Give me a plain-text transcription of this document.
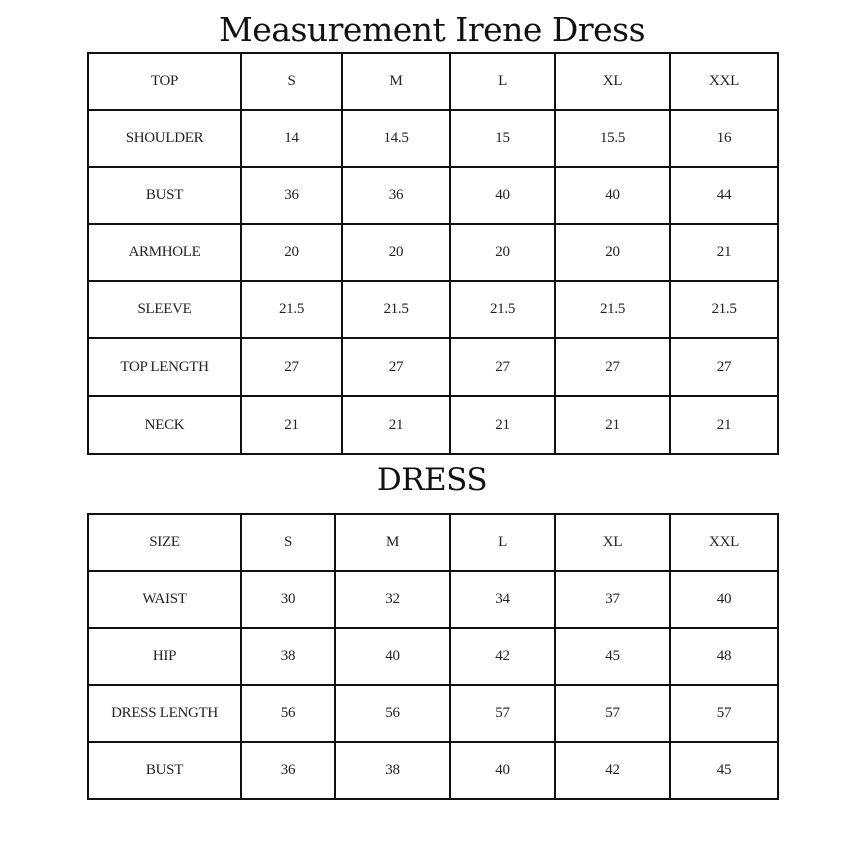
Measurement Irene Dress
TOP	S	M	L	XL	XXL
SHOULDER	14	14.5	15	15.5	16
BUST	36	36	40	40	44
ARMHOLE	20	20	20	20	21
SLEEVE	21.5	21.5	21.5	21.5	21.5
TOP LENGTH	27	27	27	27	27
NECK	21	21	21	21	21
DRESS
SIZE	S	M	L	XL	XXL
WAIST	30	32	34	37	40
HIP	38	40	42	45	48
DRESS LENGTH	56	56	57	57	57
BUST	36	38	40	42	45
